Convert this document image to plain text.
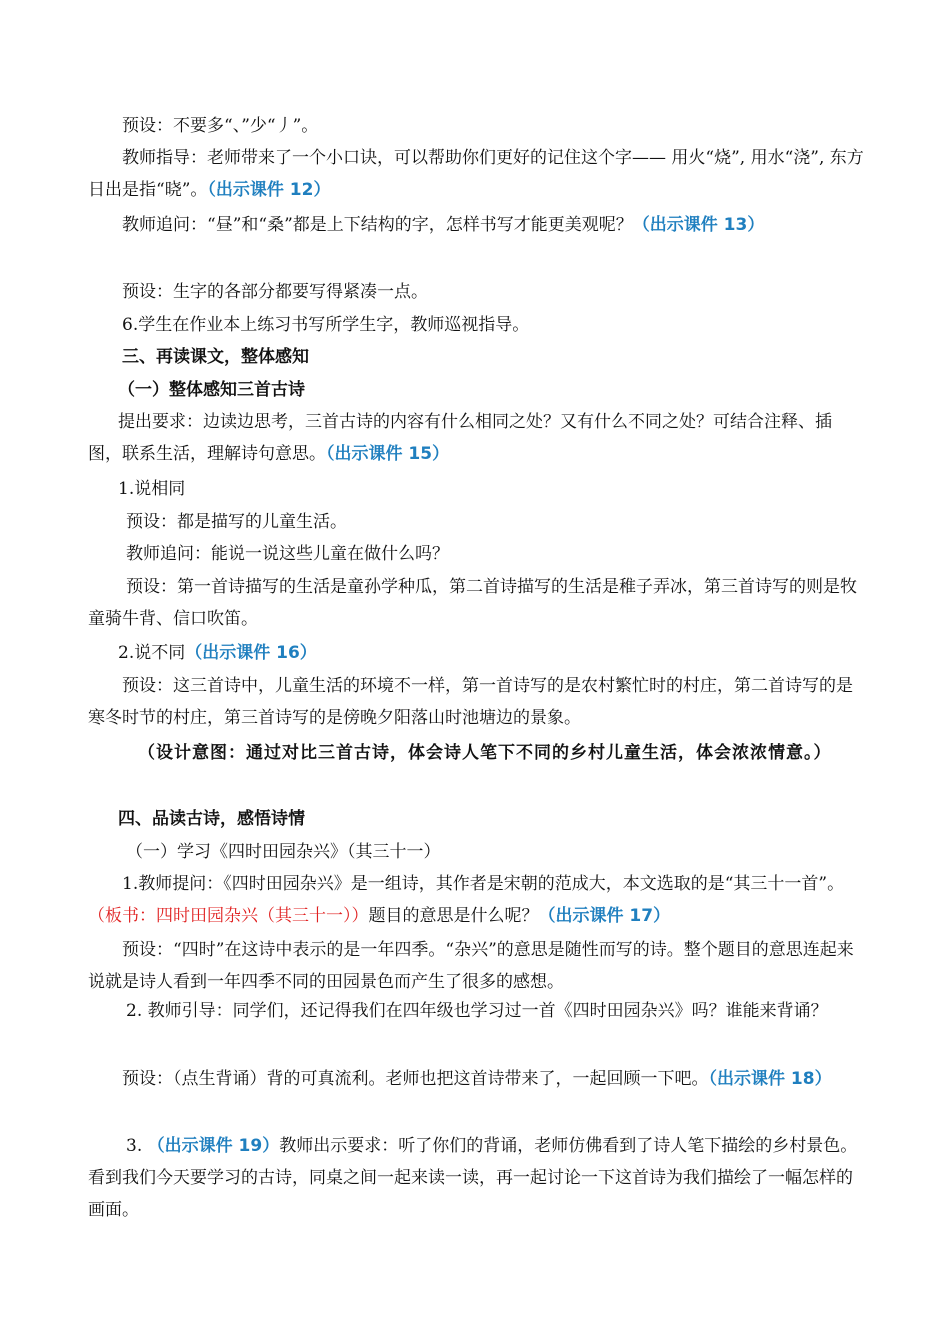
预设：不要多“、”少“丿”。

教师指导：老师带来了一个小口诀，可以帮助你们更好的记住这个字—— 用火“烧”, 用水“浇”, 东方日出是指“晓”。（出示课件 12）

教师追问：“昼”和“桑”都是上下结构的字，怎样书写才能更美观呢？（出示课件 13）

预设：生字的各部分都要写得紧凑一点。

6.学生在作业本上练习书写所学生字，教师巡视指导。

三、再读课文，整体感知

（一）整体感知三首古诗

提出要求：边读边思考，三首古诗的内容有什么相同之处？又有什么不同之处？可结合注释、插图，联系生活，理解诗句意思。（出示课件 15）

1.说相同

预设：都是描写的儿童生活。

教师追问：能说一说这些儿童在做什么吗？

预设：第一首诗描写的生活是童孙学种瓜，第二首诗描写的生活是稚子弄冰，第三首诗写的则是牧童骑牛背、信口吹笛。

2.说不同（出示课件 16）

预设：这三首诗中，儿童生活的环境不一样，第一首诗写的是农村繁忙时的村庄，第二首诗写的是寒冬时节的村庄，第三首诗写的是傍晚夕阳落山时池塘边的景象。

（设计意图：通过对比三首古诗，体会诗人笔下不同的乡村儿童生活，体会浓浓情意。）

四、品读古诗，感悟诗情

（一）学习《四时田园杂兴》（其三十一）

1.教师提问：《四时田园杂兴》是一组诗，其作者是宋朝的范成大，本文选取的是“其三十一首”。（板书：四时田园杂兴（其三十一））题目的意思是什么呢？（出示课件 17）

预设：“四时”在这诗中表示的是一年四季。“杂兴”的意思是随性而写的诗。整个题目的意思连起来说就是诗人看到一年四季不同的田园景色而产生了很多的感想。

2. 教师引导：同学们，还记得我们在四年级也学习过一首《四时田园杂兴》吗？谁能来背诵？

预设：（点生背诵）背的可真流利。老师也把这首诗带来了，一起回顾一下吧。（出示课件 18）

3. （出示课件 19）教师出示要求：听了你们的背诵，老师仿佛看到了诗人笔下描绘的乡村景色。看到我们今天要学习的古诗，同桌之间一起来读一读，再一起讨论一下这首诗为我们描绘了一幅怎样的画面。
